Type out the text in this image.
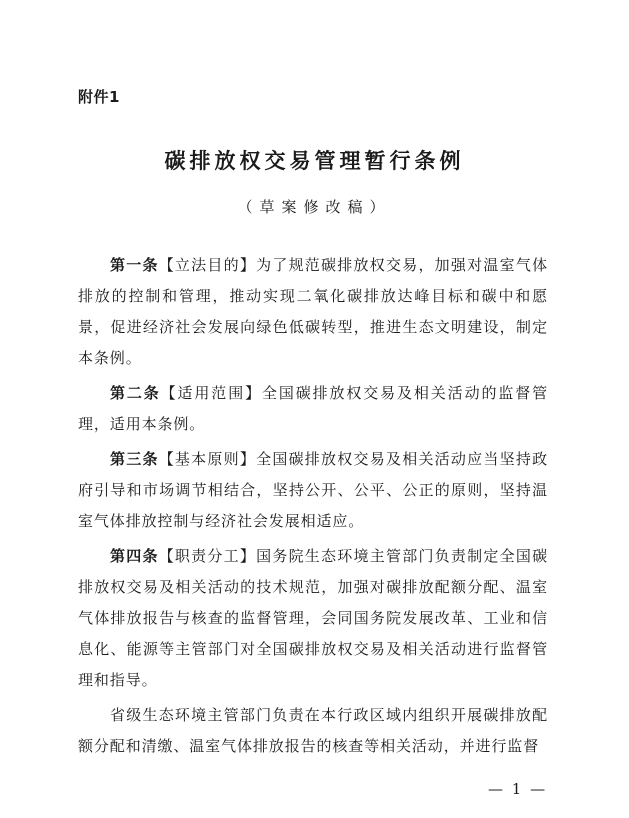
附件1
碳排放权交易管理暂行条例
（草案修改稿）

第一条【立法目的】为了规范碳排放权交易，加强对温室气体排放的控制和管理，推动实现二氧化碳排放达峰目标和碳中和愿景，促进经济社会发展向绿色低碳转型，推进生态文明建设，制定本条例。

第二条【适用范围】全国碳排放权交易及相关活动的监督管理，适用本条例。

第三条【基本原则】全国碳排放权交易及相关活动应当坚持政府引导和市场调节相结合，坚持公开、公平、公正的原则，坚持温室气体排放控制与经济社会发展相适应。

第四条【职责分工】国务院生态环境主管部门负责制定全国碳排放权交易及相关活动的技术规范，加强对碳排放配额分配、温室气体排放报告与核查的监督管理，会同国务院发展改革、工业和信息化、能源等主管部门对全国碳排放权交易及相关活动进行监督管理和指导。

省级生态环境主管部门负责在本行政区域内组织开展碳排放配额分配和清缴、温室气体排放报告的核查等相关活动，并进行监督

— 1 —
